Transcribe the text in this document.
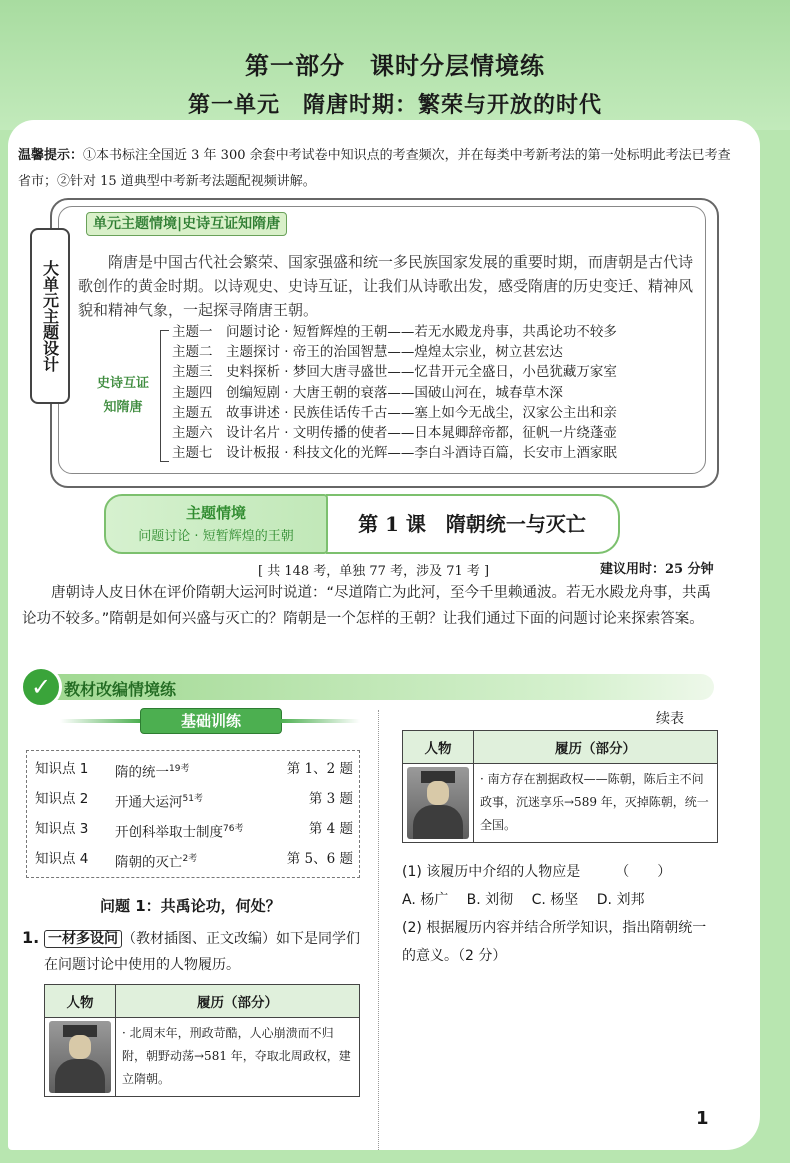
第一部分　课时分层情境练
第一单元　隋唐时期：繁荣与开放的时代
温馨提示：①本书标注全国近 3 年 300 余套中考试卷中知识点的考查频次，并在每类中考新考法的第一处标明此考法已考查省市；②针对 15 道典型中考新考法题配视频讲解。
大单元主题设计
单元主题情境|史诗互证知隋唐
隋唐是中国古代社会繁荣、国家强盛和统一多民族国家发展的重要时期，而唐朝是古代诗歌创作的黄金时期。以诗观史、史诗互证，让我们从诗歌出发，感受隋唐的历史变迁、精神风貌和精神气象，一起探寻隋唐王朝。
史诗互证
知隋唐
主题一　问题讨论 · 短暂辉煌的王朝——若无水殿龙舟事，共禹论功不较多
主题二　主题探讨 · 帝王的治国智慧——煌煌太宗业，树立甚宏达
主题三　史料探析 · 梦回大唐寻盛世——忆昔开元全盛日，小邑犹藏万家室
主题四　创编短剧 · 大唐王朝的衰落——国破山河在，城春草木深
主题五　故事讲述 · 民族佳话传千古——塞上如今无战尘，汉家公主出和亲
主题六　设计名片 · 文明传播的使者——日本晁卿辞帝都，征帆一片绕蓬壶
主题七　设计板报 · 科技文化的光辉——李白斗酒诗百篇，长安市上酒家眠
主题情境
问题讨论 · 短暂辉煌的王朝
第 1 课　隋朝统一与灭亡
[ 共 148 考，单独 77 考，涉及 71 考 ]	建议用时：25 分钟
唐朝诗人皮日休在评价隋朝大运河时说道：“尽道隋亡为此河，至今千里赖通波。若无水殿龙舟事，共禹论功不较多。”隋朝是如何兴盛与灭亡的？隋朝是一个怎样的王朝？让我们通过下面的问题讨论来探索答案。
✓ 教材改编情境练
基础训练
知识点 1 隋的统一$^{19考}$	第 1、2 题
知识点 2 开通大运河$^{51考}$	第 3 题
知识点 3 开创科举取士制度$^{76考}$	第 4 题
知识点 4 隋朝的灭亡$^{2考}$	第 5、6 题
问题 1：共禹论功，何处？
1. 一材多设问 （教材插图、正文改编）如下是同学们在问题讨论中使用的人物履历。
人物	履历（部分）

	· 北周末年，刑政苛酷，人心崩溃而不归附，朝野动荡→581 年，夺取北周政权，建立隋朝。
续表
人物	履历（部分）

	· 南方存在割据政权——陈朝，陈后主不问政事，沉迷享乐→589 年，灭掉陈朝，统一全国。
(1) 该履历中介绍的人物应是　　　（　　）
A. 杨广　 B. 刘彻　 C. 杨坚　 D. 刘邦
(2) 根据履历内容并结合所学知识，指出隋朝统一的意义。（2 分）
1
